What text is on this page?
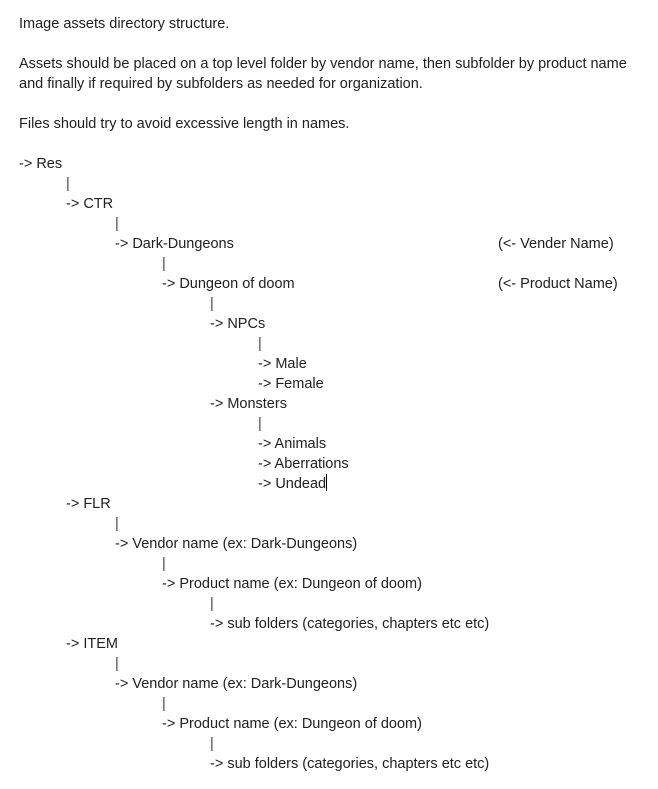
Image assets directory structure.
Assets should be placed on a top level folder by vendor name, then subfolder by product name and finally if required by subfolders as needed for organization.
Files should try to avoid excessive length in names.
-> Res
|
-> CTR
|
-> Dark-Dungeons	(<- Vender Name)
|
-> Dungeon of doom	(<- Product Name)
|
-> NPCs
|
-> Male
-> Female
-> Monsters
|
-> Animals
-> Aberrations
-> Undead
-> FLR
|
-> Vendor name (ex: Dark-Dungeons)
|
-> Product name (ex: Dungeon of doom)
|
-> sub folders (categories, chapters etc etc)
-> ITEM
|
-> Vendor name (ex: Dark-Dungeons)
|
-> Product name (ex: Dungeon of doom)
|
-> sub folders (categories, chapters etc etc)
